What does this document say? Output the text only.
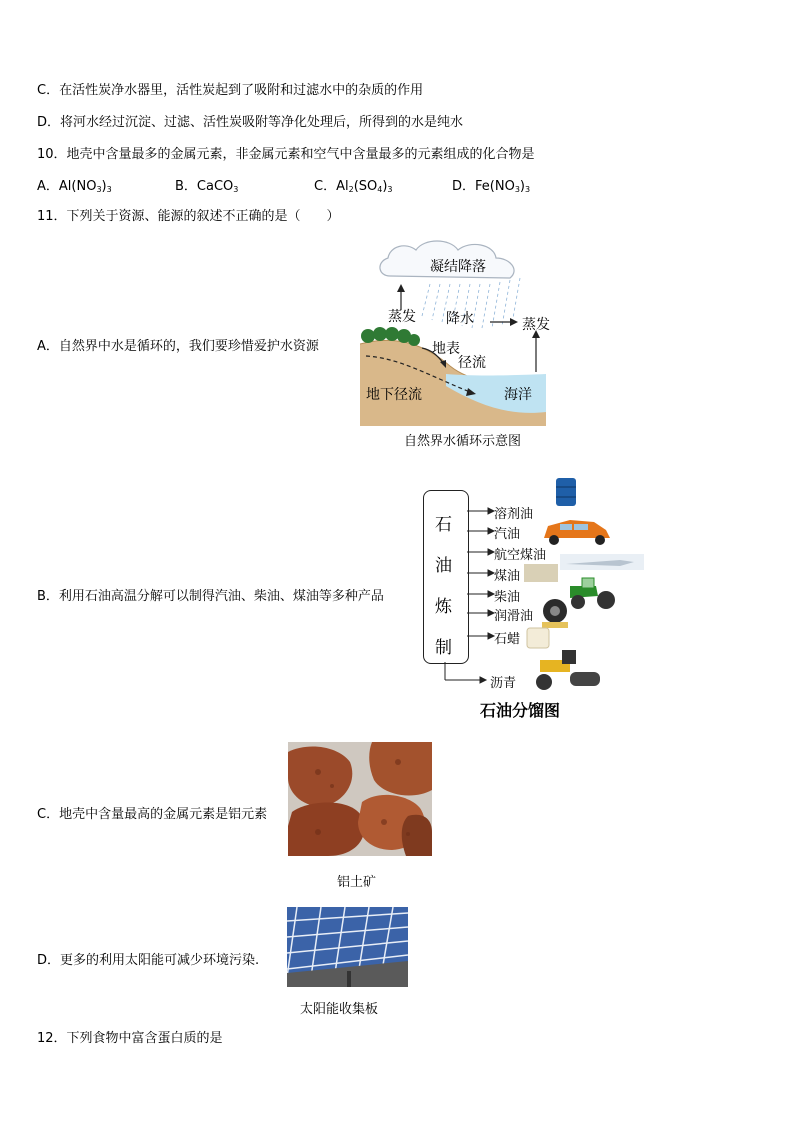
C．在活性炭净水器里，活性炭起到了吸附和过滤水中的杂质的作用
D．将河水经过沉淀、过滤、活性炭吸附等净化处理后，所得到的水是纯水
10．地壳中含量最多的金属元素，非金属元素和空气中含量最多的元素组成的化合物是
A．$Al(NO_3)_3$	B．CaCO$_3$	C．$Al_2(SO_4)_3$	D．$Fe(NO_3)_3$
11．下列关于资源、能源的叙述不正确的是（　　）
A．自然界中水是循环的，我们要珍惜爱护水资源
凝结降落
蒸发 降水	蒸发
地表
径流
地下径流	海洋
自然界水循环示意图
B．利用石油高温分解可以制得汽油、柴油、煤油等多种产品
石
油
炼
制
溶剂油
汽油
航空煤油
煤油
柴油
润滑油
石蜡
沥青
石油分馏图
C．地壳中含量最高的金属元素是铝元素
铝土矿
D．更多的利用太阳能可减少环境污染.
太阳能收集板
12．下列食物中富含蛋白质的是
